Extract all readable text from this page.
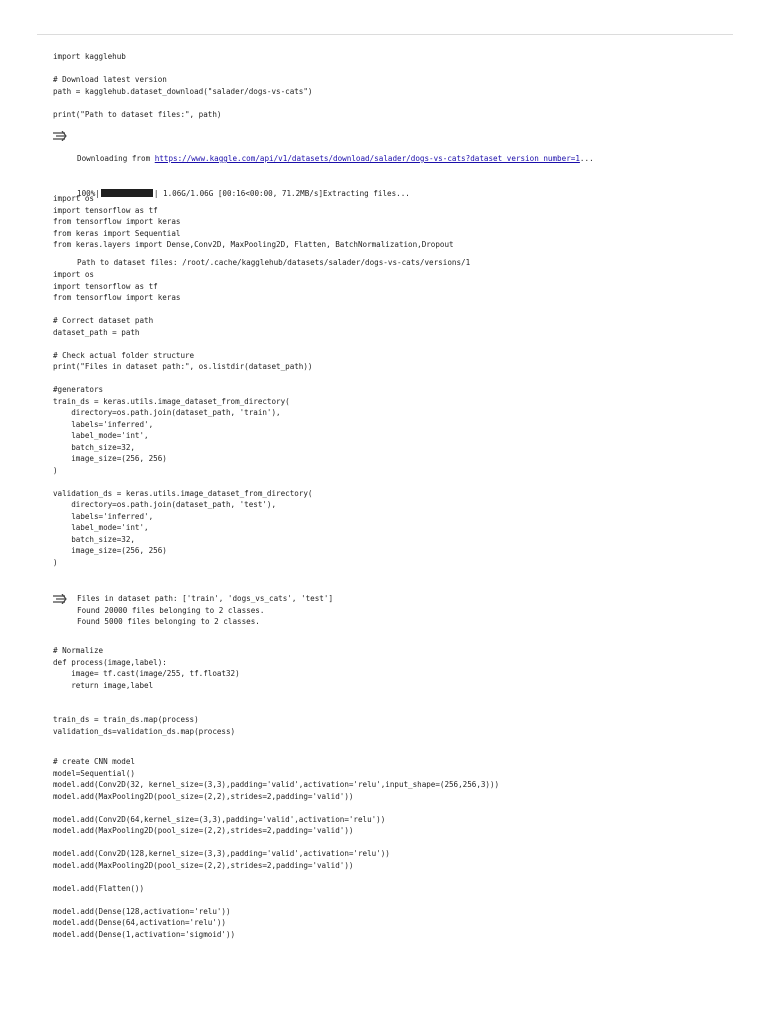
import kagglehub
# Download latest version
path = kagglehub.dataset_download("salader/dogs-vs-cats")
print("Path to dataset files:", path)

Downloading from https://www.kaggle.com/api/v1/datasets/download/salader/dogs-vs-cats?dataset_version_number=1...

100%|	| 1.06G/1.06G [00:16<00:00, 71.2MB/s]Extracting files...

Path to dataset files: /root/.cache/kagglehub/datasets/salader/dogs-vs-cats/versions/1

import os
import tensorflow as tf
from tensorflow import keras
from keras import Sequential
from keras.layers import Dense,Conv2D, MaxPooling2D, Flatten, BatchNormalization,Dropout
import os
import tensorflow as tf
from tensorflow import keras
# Correct dataset path
dataset_path = path
# Check actual folder structure
print("Files in dataset path:", os.listdir(dataset_path))
#generators
train_ds = keras.utils.image_dataset_from_directory(
directory=os.path.join(dataset_path, 'train'),
labels='inferred',
label_mode='int',
batch_size=32,
image_size=(256, 256)
)
validation_ds = keras.utils.image_dataset_from_directory(
directory=os.path.join(dataset_path, 'test'),
labels='inferred',
label_mode='int',
batch_size=32,
image_size=(256, 256)
)
Files in dataset path: ['train', 'dogs_vs_cats', 'test']
Found 20000 files belonging to 2 classes.
Found 5000 files belonging to 2 classes.
# Normalize
def process(image,label):
image= tf.cast(image/255, tf.float32)
return image,label
train_ds = train_ds.map(process)
validation_ds=validation_ds.map(process)
# create CNN model
model=Sequential()
model.add(Conv2D(32, kernel_size=(3,3),padding='valid',activation='relu',input_shape=(256,256,3)))
model.add(MaxPooling2D(pool_size=(2,2),strides=2,padding='valid'))
model.add(Conv2D(64,kernel_size=(3,3),padding='valid',activation='relu'))
model.add(MaxPooling2D(pool_size=(2,2),strides=2,padding='valid'))
model.add(Conv2D(128,kernel_size=(3,3),padding='valid',activation='relu'))
model.add(MaxPooling2D(pool_size=(2,2),strides=2,padding='valid'))
model.add(Flatten())
model.add(Dense(128,activation='relu'))
model.add(Dense(64,activation='relu'))
model.add(Dense(1,activation='sigmoid'))
